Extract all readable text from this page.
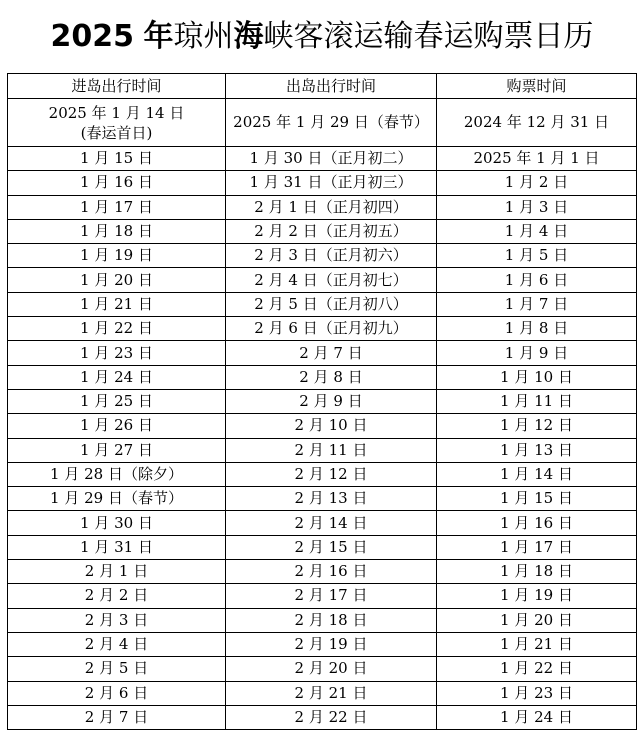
2025 年琼州海峡客滚运输春运购票日历
进岛出行时间	出岛出行时间	购票时间

2025 年 1 月 14 日
(春运首日)	2025 年 1 月 29 日（春节）	2024 年 12 月 31 日
1 月 15 日	1 月 30 日（正月初二）	2025 年 1 月 1 日
1 月 16 日	1 月 31 日（正月初三）	1 月 2 日
1 月 17 日	2 月 1 日（正月初四）	1 月 3 日
1 月 18 日	2 月 2 日（正月初五）	1 月 4 日
1 月 19 日	2 月 3 日（正月初六）	1 月 5 日
1 月 20 日	2 月 4 日（正月初七）	1 月 6 日
1 月 21 日	2 月 5 日（正月初八）	1 月 7 日
1 月 22 日	2 月 6 日（正月初九）	1 月 8 日
1 月 23 日	2 月 7 日	1 月 9 日
1 月 24 日	2 月 8 日	1 月 10 日
1 月 25 日	2 月 9 日	1 月 11 日
1 月 26 日	2 月 10 日	1 月 12 日
1 月 27 日	2 月 11 日	1 月 13 日
1 月 28 日（除夕）	2 月 12 日	1 月 14 日
1 月 29 日（春节）	2 月 13 日	1 月 15 日
1 月 30 日	2 月 14 日	1 月 16 日
1 月 31 日	2 月 15 日	1 月 17 日
2 月 1 日	2 月 16 日	1 月 18 日
2 月 2 日	2 月 17 日	1 月 19 日
2 月 3 日	2 月 18 日	1 月 20 日
2 月 4 日	2 月 19 日	1 月 21 日
2 月 5 日	2 月 20 日	1 月 22 日
2 月 6 日	2 月 21 日	1 月 23 日
2 月 7 日	2 月 22 日	1 月 24 日
